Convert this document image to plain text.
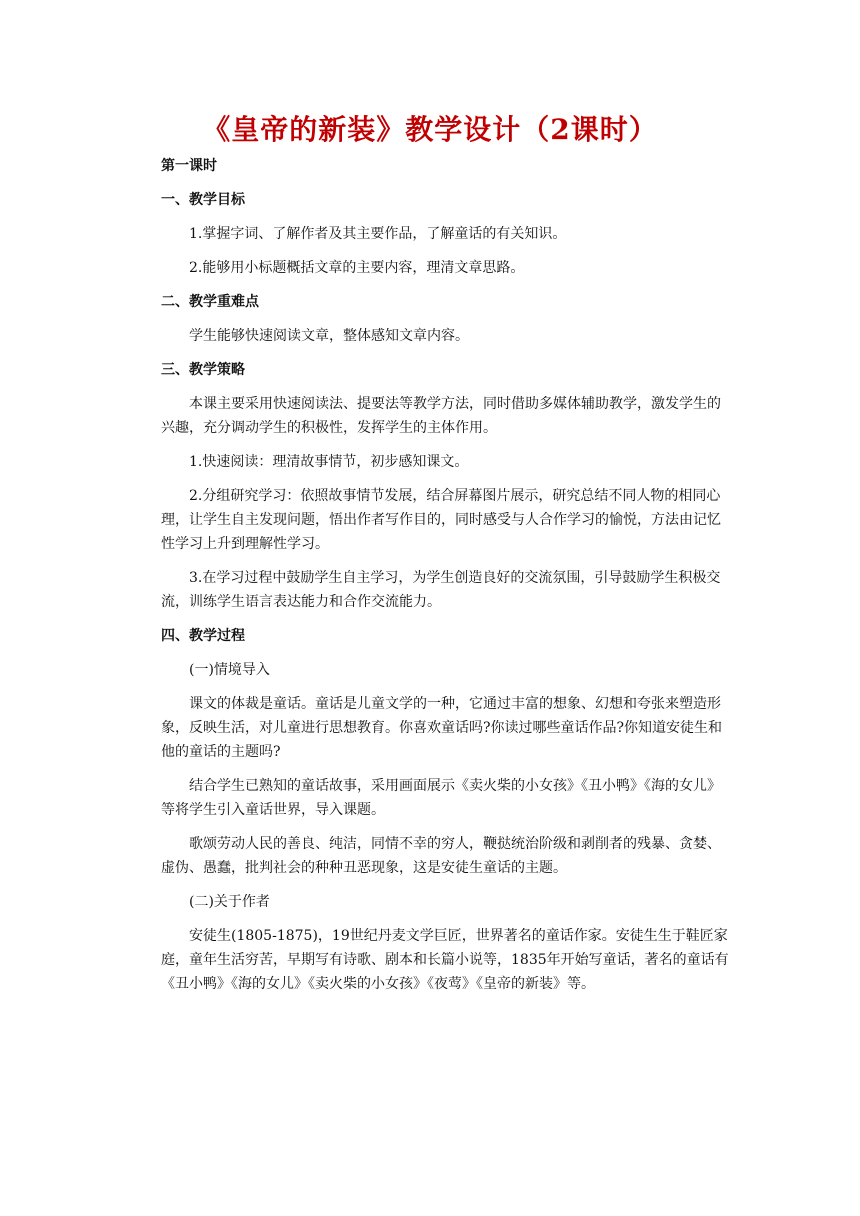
《皇帝的新装》教学设计（2课时）

第一课时

一、教学目标

1.掌握字词、了解作者及其主要作品，了解童话的有关知识。

2.能够用小标题概括文章的主要内容，理清文章思路。

二、教学重难点

学生能够快速阅读文章，整体感知文章内容。

三、教学策略

本课主要采用快速阅读法、提要法等教学方法，同时借助多媒体辅助教学，激发学生的兴趣，充分调动学生的积极性，发挥学生的主体作用。

1.快速阅读：理清故事情节，初步感知课文。

2.分组研究学习：依照故事情节发展，结合屏幕图片展示，研究总结不同人物的相同心理，让学生自主发现问题，悟出作者写作目的，同时感受与人合作学习的愉悦，方法由记忆性学习上升到理解性学习。

3.在学习过程中鼓励学生自主学习，为学生创造良好的交流氛围，引导鼓励学生积极交流，训练学生语言表达能力和合作交流能力。

四、教学过程

(一)情境导入

课文的体裁是童话。童话是儿童文学的一种，它通过丰富的想象、幻想和夸张来塑造形象，反映生活，对儿童进行思想教育。你喜欢童话吗?你读过哪些童话作品?你知道安徒生和他的童话的主题吗?

结合学生已熟知的童话故事，采用画面展示《卖火柴的小女孩》《丑小鸭》《海的女儿》等将学生引入童话世界，导入课题。

歌颂劳动人民的善良、纯洁，同情不幸的穷人，鞭挞统治阶级和剥削者的残暴、贪婪、虚伪、愚蠢，批判社会的种种丑恶现象，这是安徒生童话的主题。

(二)关于作者

安徒生(1805-1875)，19世纪丹麦文学巨匠，世界著名的童话作家。安徒生生于鞋匠家庭，童年生活穷苦，早期写有诗歌、剧本和长篇小说等，1835年开始写童话，著名的童话有《丑小鸭》《海的女儿》《卖火柴的小女孩》《夜莺》《皇帝的新装》等。
